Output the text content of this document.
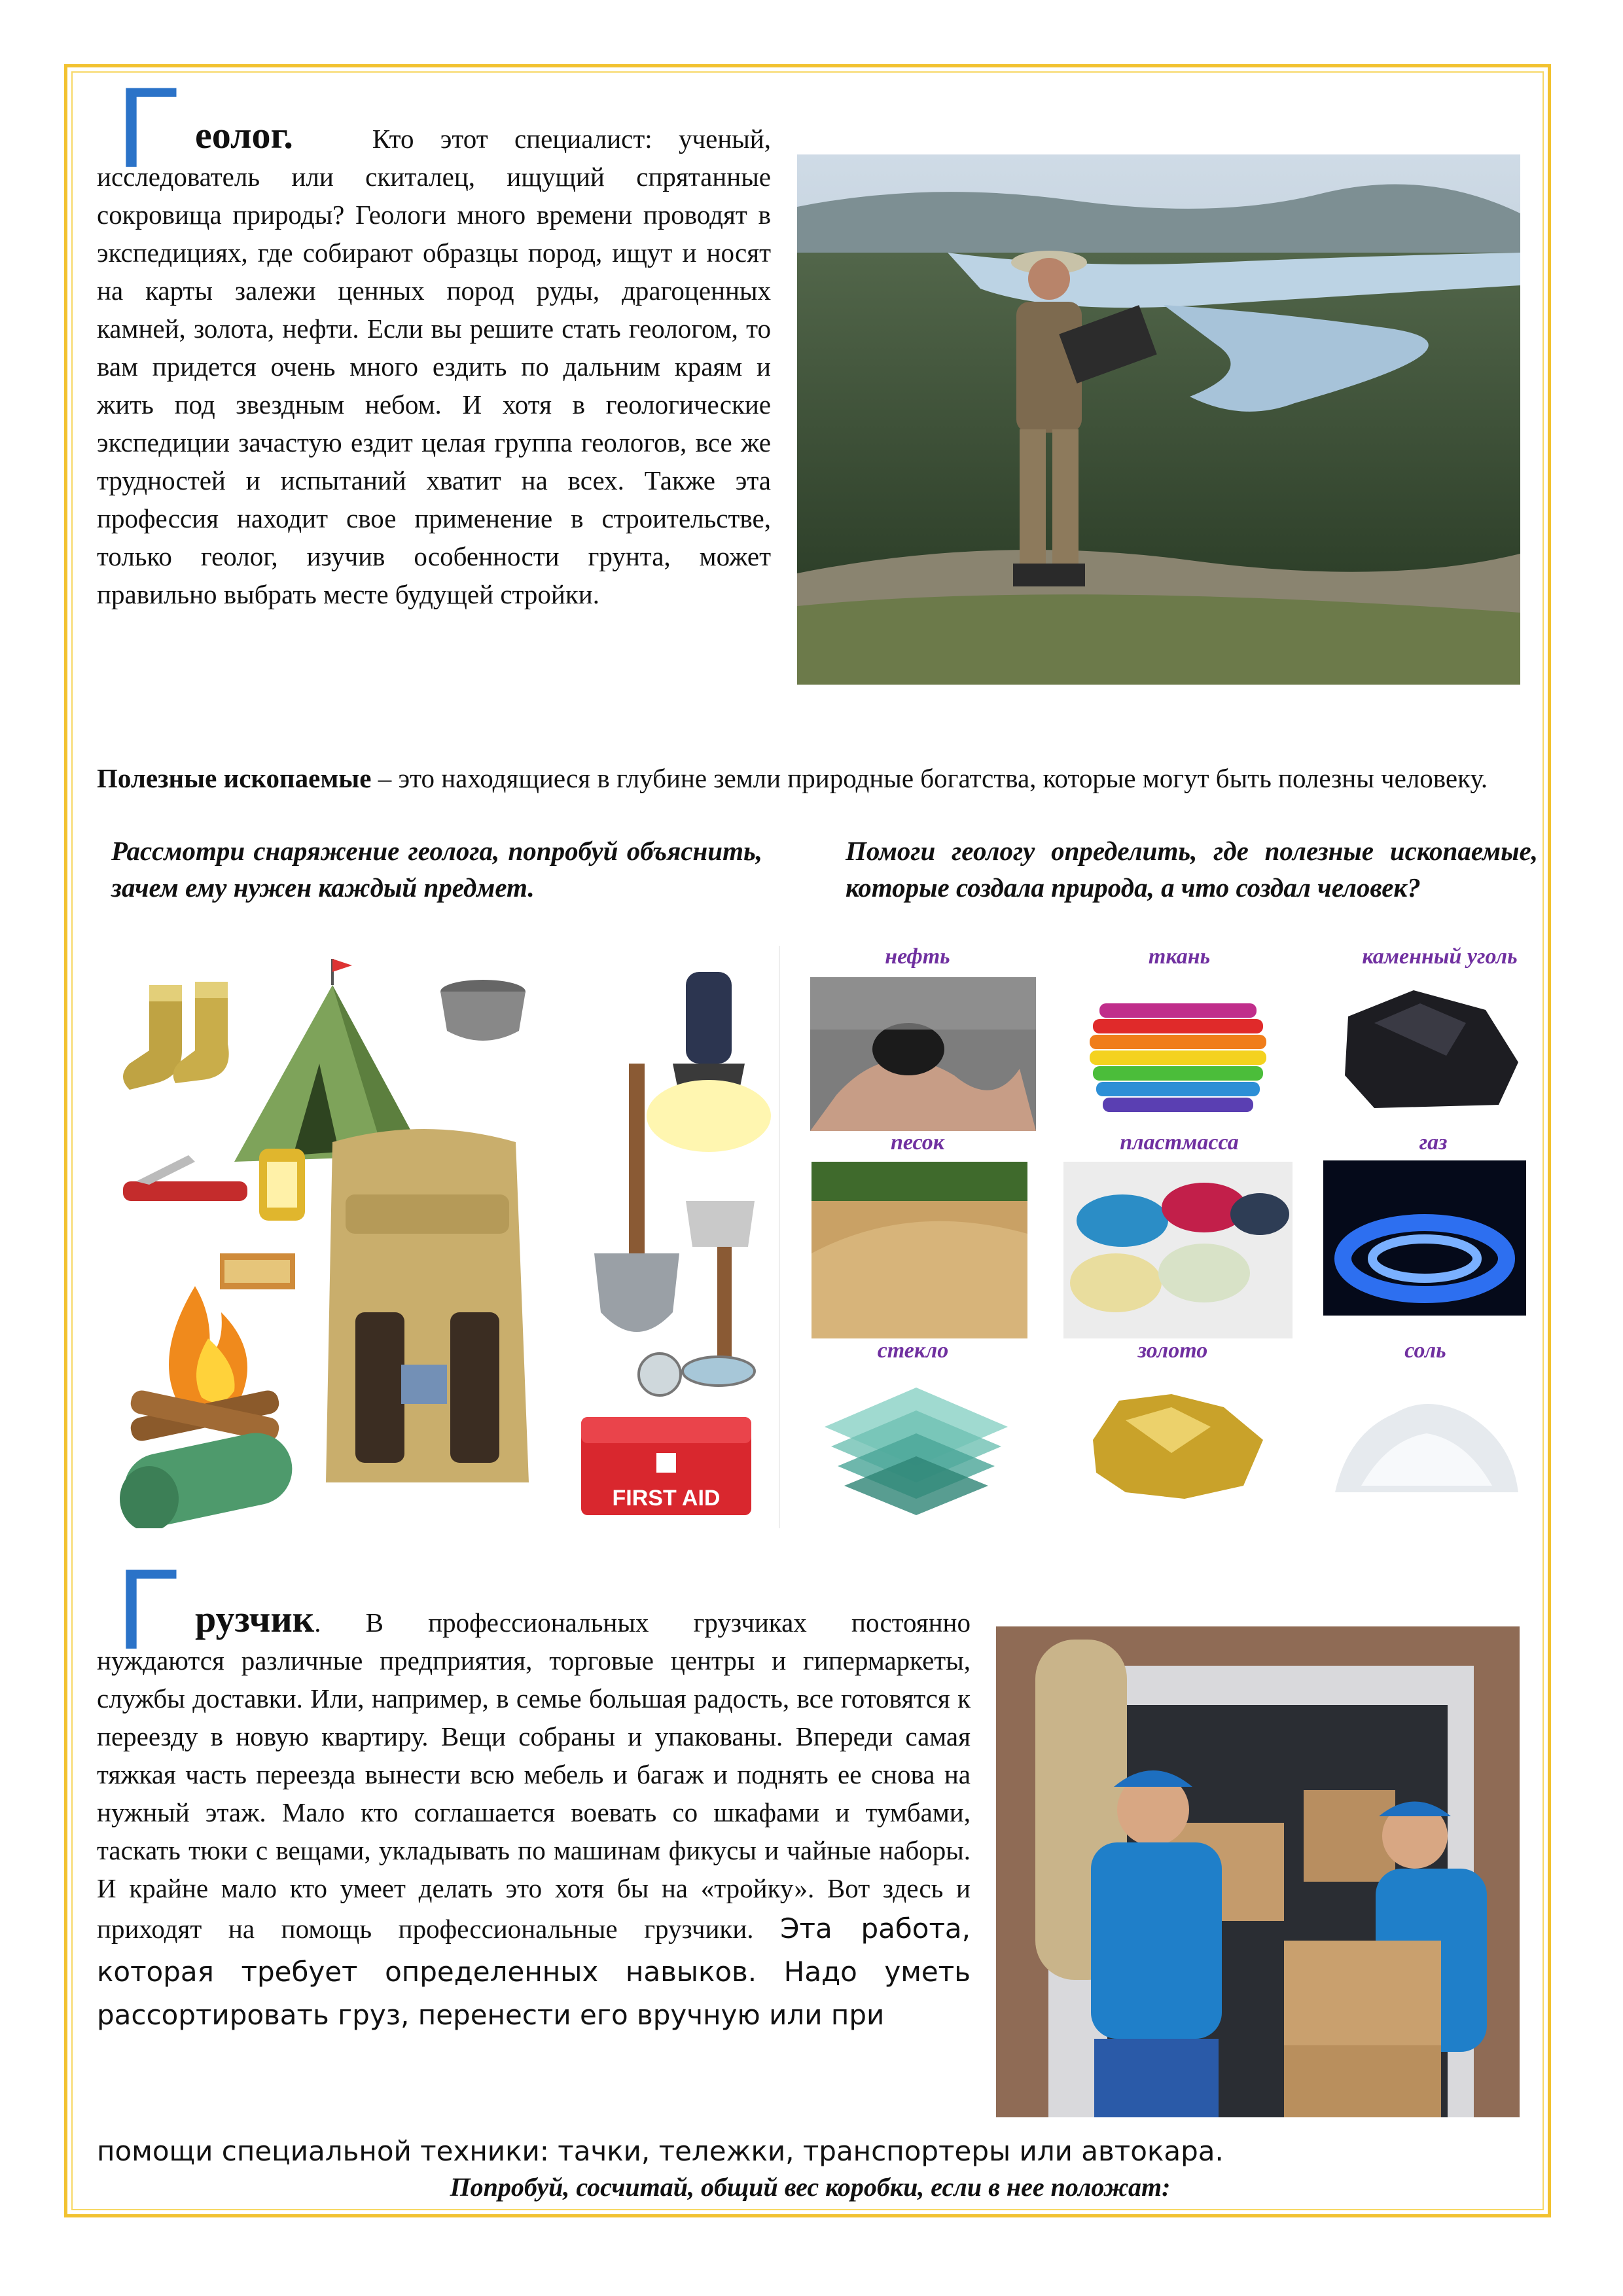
Г еолог.	Кто этот специалист: ученый,
исследователь или скиталец, ищущий спрятанные сокровища природы? Геологи много времени проводят в экспедициях, где собирают образцы пород, ищут и носят на карты залежи ценных пород руды, драгоценных камней, золота, нефти. Если вы решите стать геологом, то вам придется очень много ездить по дальним краям и жить под звездным небом. И хотя в геологические экспедиции зачастую ездит целая группа геологов, все же трудностей и испытаний хватит на всех. Также эта профессия находит свое применение в строительстве, только геолог, изучив особенности грунта, может правильно выбрать месте будущей стройки.
Полезные ископаемые – это находящиеся в глубине земли природные богатства, которые могут быть полезны человеку.
Рассмотри снаряжение геолога, попробуй объяснить, зачем ему нужен каждый предмет.
Помоги геологу определить, где полезные ископаемые, которые создала природа, а что создал человек?
FIRST AID
нефть	ткань	каменный уголь
песок	пластмасса	газ
стекло	золото	соль
Г рузчик. В профессиональных грузчиках постоянно
нуждаются различные предприятия, торговые центры и гипермаркеты, службы доставки. Или, например, в семье большая радость, все готовятся к переезду в новую квартиру. Вещи собраны и упакованы. Впереди самая тяжкая часть переезда вынести всю мебель и багаж и поднять ее снова на нужный этаж. Мало кто соглашается воевать со шкафами и тумбами, таскать тюки с вещами, укладывать по машинам фикусы и чайные наборы. И крайне мало кто умеет делать это хотя бы на «тройку». Вот здесь и приходят на помощь профессиональные грузчики. Эта работа, которая требует определенных навыков. Надо уметь рассортировать груз, перенести его вручную или при
помощи специальной техники: тачки, тележки, транспортеры или автокара.
Попробуй, сосчитай, общий вес коробки, если в нее положат:
